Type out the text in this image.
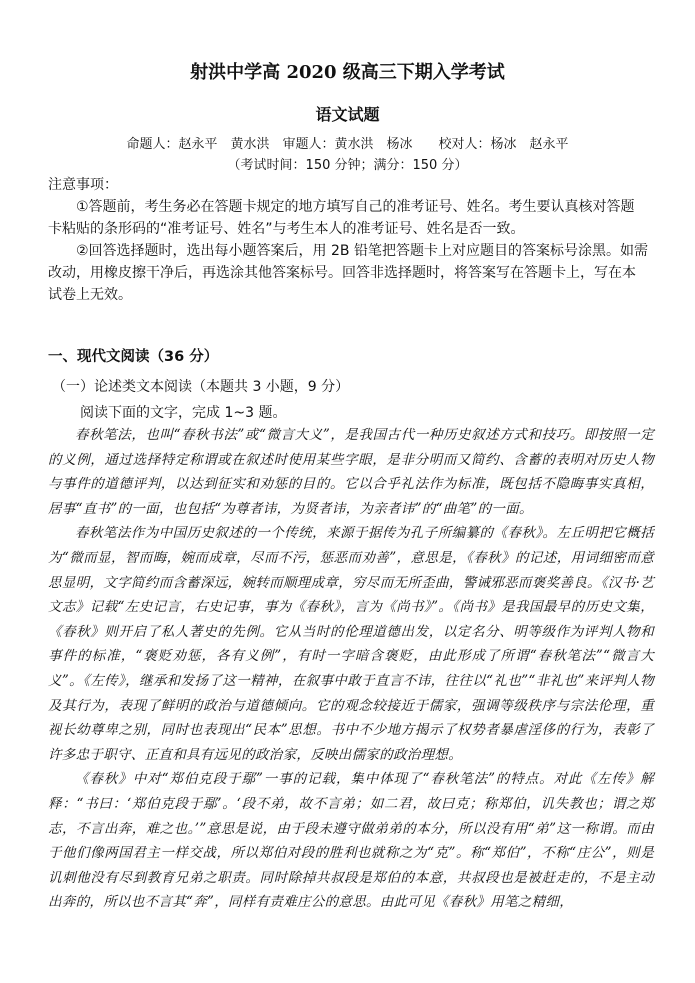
射洪中学高 2020 级高三下期入学考试
语文试题
命题人：赵永平　黄水洪　审题人：黄水洪　杨冰　　校对人：杨冰　赵永平
（考试时间：150 分钟；满分：150 分）

注意事项：

①答题前，考生务必在答题卡规定的地方填写自己的准考证号、姓名。考生要认真核对答题卡粘贴的条形码的“准考证号、姓名”与考生本人的准考证号、姓名是否一致。

②回答选择题时，选出每小题答案后，用 2B 铅笔把答题卡上对应题目的答案标号涂黑。如需改动，用橡皮擦干净后，再选涂其他答案标号。回答非选择题时，将答案写在答题卡上，写在本试卷上无效。

一、现代文阅读（36 分）
（一）论述类文本阅读（本题共 3 小题，9 分）
阅读下面的文字，完成 1~3 题。

春秋笔法，也叫“春秋书法”或“微言大义”，是我国古代一种历史叙述方式和技巧。即按照一定的义例，通过选择特定称谓或在叙述时使用某些字眼，是非分明而又简约、含蓄的表明对历史人物与事件的道德评判，以达到征实和劝惩的目的。它以合乎礼法作为标准，既包括不隐晦事实真相，居事“直书”的一面，也包括“为尊者讳，为贤者讳，为亲者讳”的“曲笔”的一面。

春秋笔法作为中国历史叙述的一个传统，来源于据传为孔子所编纂的《春秋》。左丘明把它概括为“微而显，智而晦，婉而成章，尽而不污，惩恶而劝善”，意思是，《春秋》的记述，用词细密而意思显明，文字简约而含蓄深远，婉转而顺理成章，穷尽而无所歪曲，警诫邪恶而褒奖善良。《汉书·艺文志》记载“左史记言，右史记事，事为《春秋》，言为《尚书》”。《尚书》是我国最早的历史文集，《春秋》则开启了私人著史的先例。它从当时的伦理道德出发，以定名分、明等级作为评判人物和事件的标准，“褒贬劝惩，各有义例”，有时一字暗含褒贬，由此形成了所谓“春秋笔法”“微言大义”。《左传》，继承和发扬了这一精神，在叙事中敢于直言不讳，往往以“礼也”“非礼也”来评判人物及其行为，表现了鲜明的政治与道德倾向。它的观念较接近于儒家，强调等级秩序与宗法伦理，重视长幼尊卑之别，同时也表现出“民本”思想。书中不少地方揭示了权势者暴虐淫侈的行为，表彰了许多忠于职守、正直和具有远见的政治家，反映出儒家的政治理想。

《春秋》中对“郑伯克段于鄢”一事的记载，集中体现了“春秋笔法”的特点。对此《左传》解释：“书曰：‘郑伯克段于鄢’。‘段不弟，故不言弟；如二君，故曰克；称郑伯，讥失教也；谓之郑志，不言出奔，难之也。’”意思是说，由于段未遵守做弟弟的本分，所以没有用“弟”这一称谓。而由于他们像两国君主一样交战，所以郑伯对段的胜利也就称之为“克”。称“郑伯”，不称“庄公”，则是讥刺他没有尽到教育兄弟之职责。同时除掉共叔段是郑伯的本意，共叔段也是被赶走的，不是主动出奔的，所以也不言其“奔”，同样有责难庄公的意思。由此可见《春秋》用笔之精细，
